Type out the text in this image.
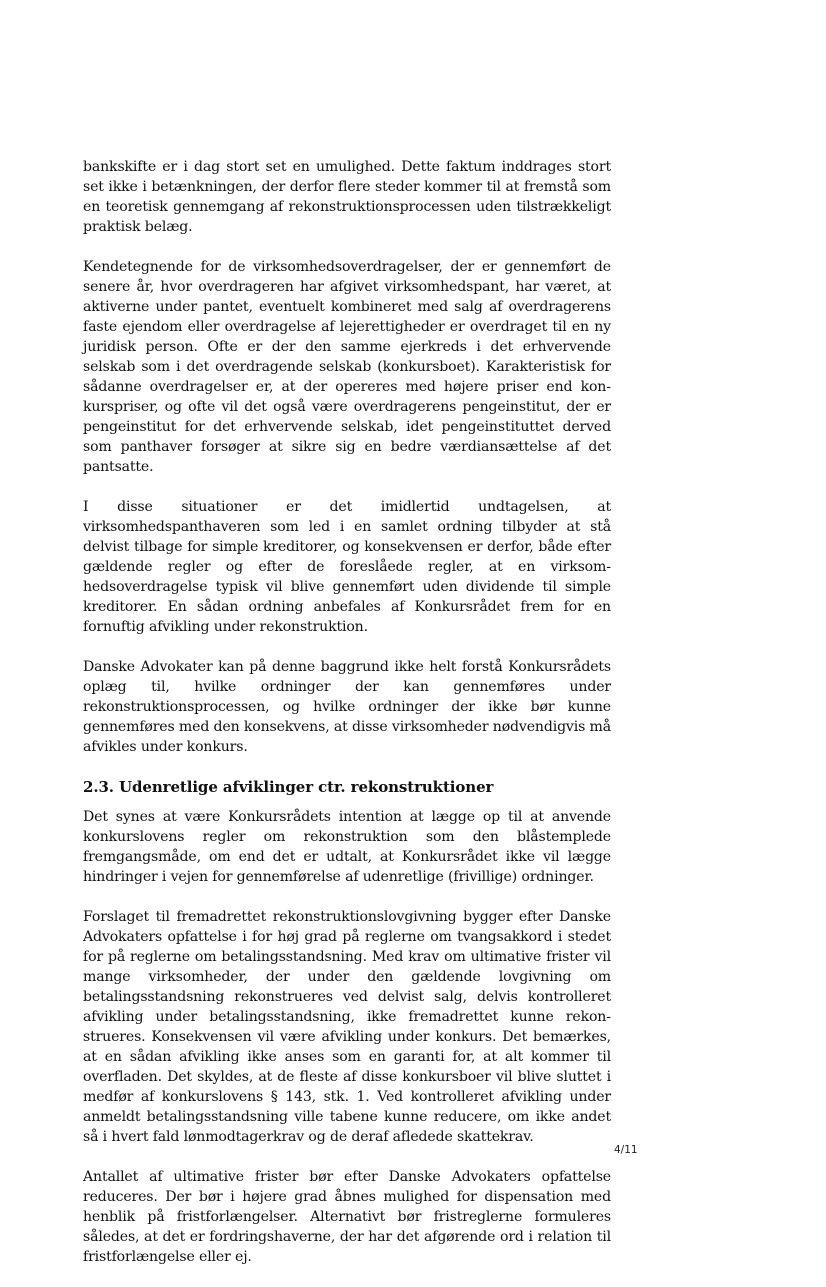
bankskifte er i dag stort set en umulighed. Dette faktum inddrages stort set ikke i betænkningen, der derfor flere steder kommer til at fremstå som en teoretisk gennemgang af rekonstruktionsprocessen uden tilstrækkeligt praktisk belæg.

Kendetegnende for de virksomhedsoverdragelser, der er gennemført de senere år, hvor overdrageren har afgivet virksomhedspant, har været, at aktiverne under pantet, eventuelt kombineret med salg af overdragerens faste ejendom eller overdragelse af lejerettigheder er overdraget til en ny juridisk person. Ofte er der den samme ejerkreds i det erhvervende selskab som i det overdragende selskab (konkursboet). Karakteristisk for sådanne overdragelser er, at der opereres med højere priser end konkurspriser, og ofte vil det også være overdragerens pengeinstitut, der er pengeinstitut for det erhvervende selskab, idet pengeinstituttet derved som panthaver forsøger at sikre sig en bedre værdiansættelse af det pantsatte.

I disse situationer er det imidlertid undtagelsen, at virksomhedspanthaveren som led i en samlet ordning tilbyder at stå delvist tilbage for simple kreditorer, og konsekvensen er derfor, både efter gældende regler og efter de foreslåede regler, at en virksomhedsoverdragelse typisk vil blive gennemført uden dividende til simple kreditorer. En sådan ordning anbefales af Konkursrådet frem for en fornuftig afvikling under rekonstruktion.

Danske Advokater kan på denne baggrund ikke helt forstå Konkursrådets oplæg til, hvilke ordninger der kan gennemføres under rekonstruktionsprocessen, og hvilke ordninger der ikke bør kunne gennemføres med den konsekvens, at disse virksomheder nødvendigvis må afvikles under konkurs.

2.3. Udenretlige afviklinger ctr. rekonstruktioner

Det synes at være Konkursrådets intention at lægge op til at anvende konkurslovens regler om rekonstruktion som den blåstemplede fremgangsmåde, om end det er udtalt, at Konkursrådet ikke vil lægge hindringer i vejen for gennemførelse af udenretlige (frivillige) ordninger.

Forslaget til fremadrettet rekonstruktionslovgivning bygger efter Danske Advokaters opfattelse i for høj grad på reglerne om tvangsakkord i stedet for på reglerne om betalingsstandsning. Med krav om ultimative frister vil mange virksomheder, der under den gældende lovgivning om betalingsstandsning rekonstrueres ved delvist salg, delvis kontrolleret afvikling under betalingsstandsning, ikke fremadrettet kunne rekonstrueres. Konsekvensen vil være afvikling under konkurs. Det bemærkes, at en sådan afvikling ikke anses som en garanti for, at alt kommer til overfladen. Det skyldes, at de fleste af disse konkursboer vil blive sluttet i medfør af konkurslovens § 143, stk. 1. Ved kontrolleret afvikling under anmeldt betalingsstandsning ville tabene kunne reducere, om ikke andet så i hvert fald lønmodtagerkrav og de deraf afledede skattekrav.

Antallet af ultimative frister bør efter Danske Advokaters opfattelse reduceres. Der bør i højere grad åbnes mulighed for dispensation med henblik på fristforlængelser. Alternativt bør fristreglerne formuleres således, at det er fordringshaverne, der har det afgørende ord i relation til fristforlængelse eller ej.

4/11
